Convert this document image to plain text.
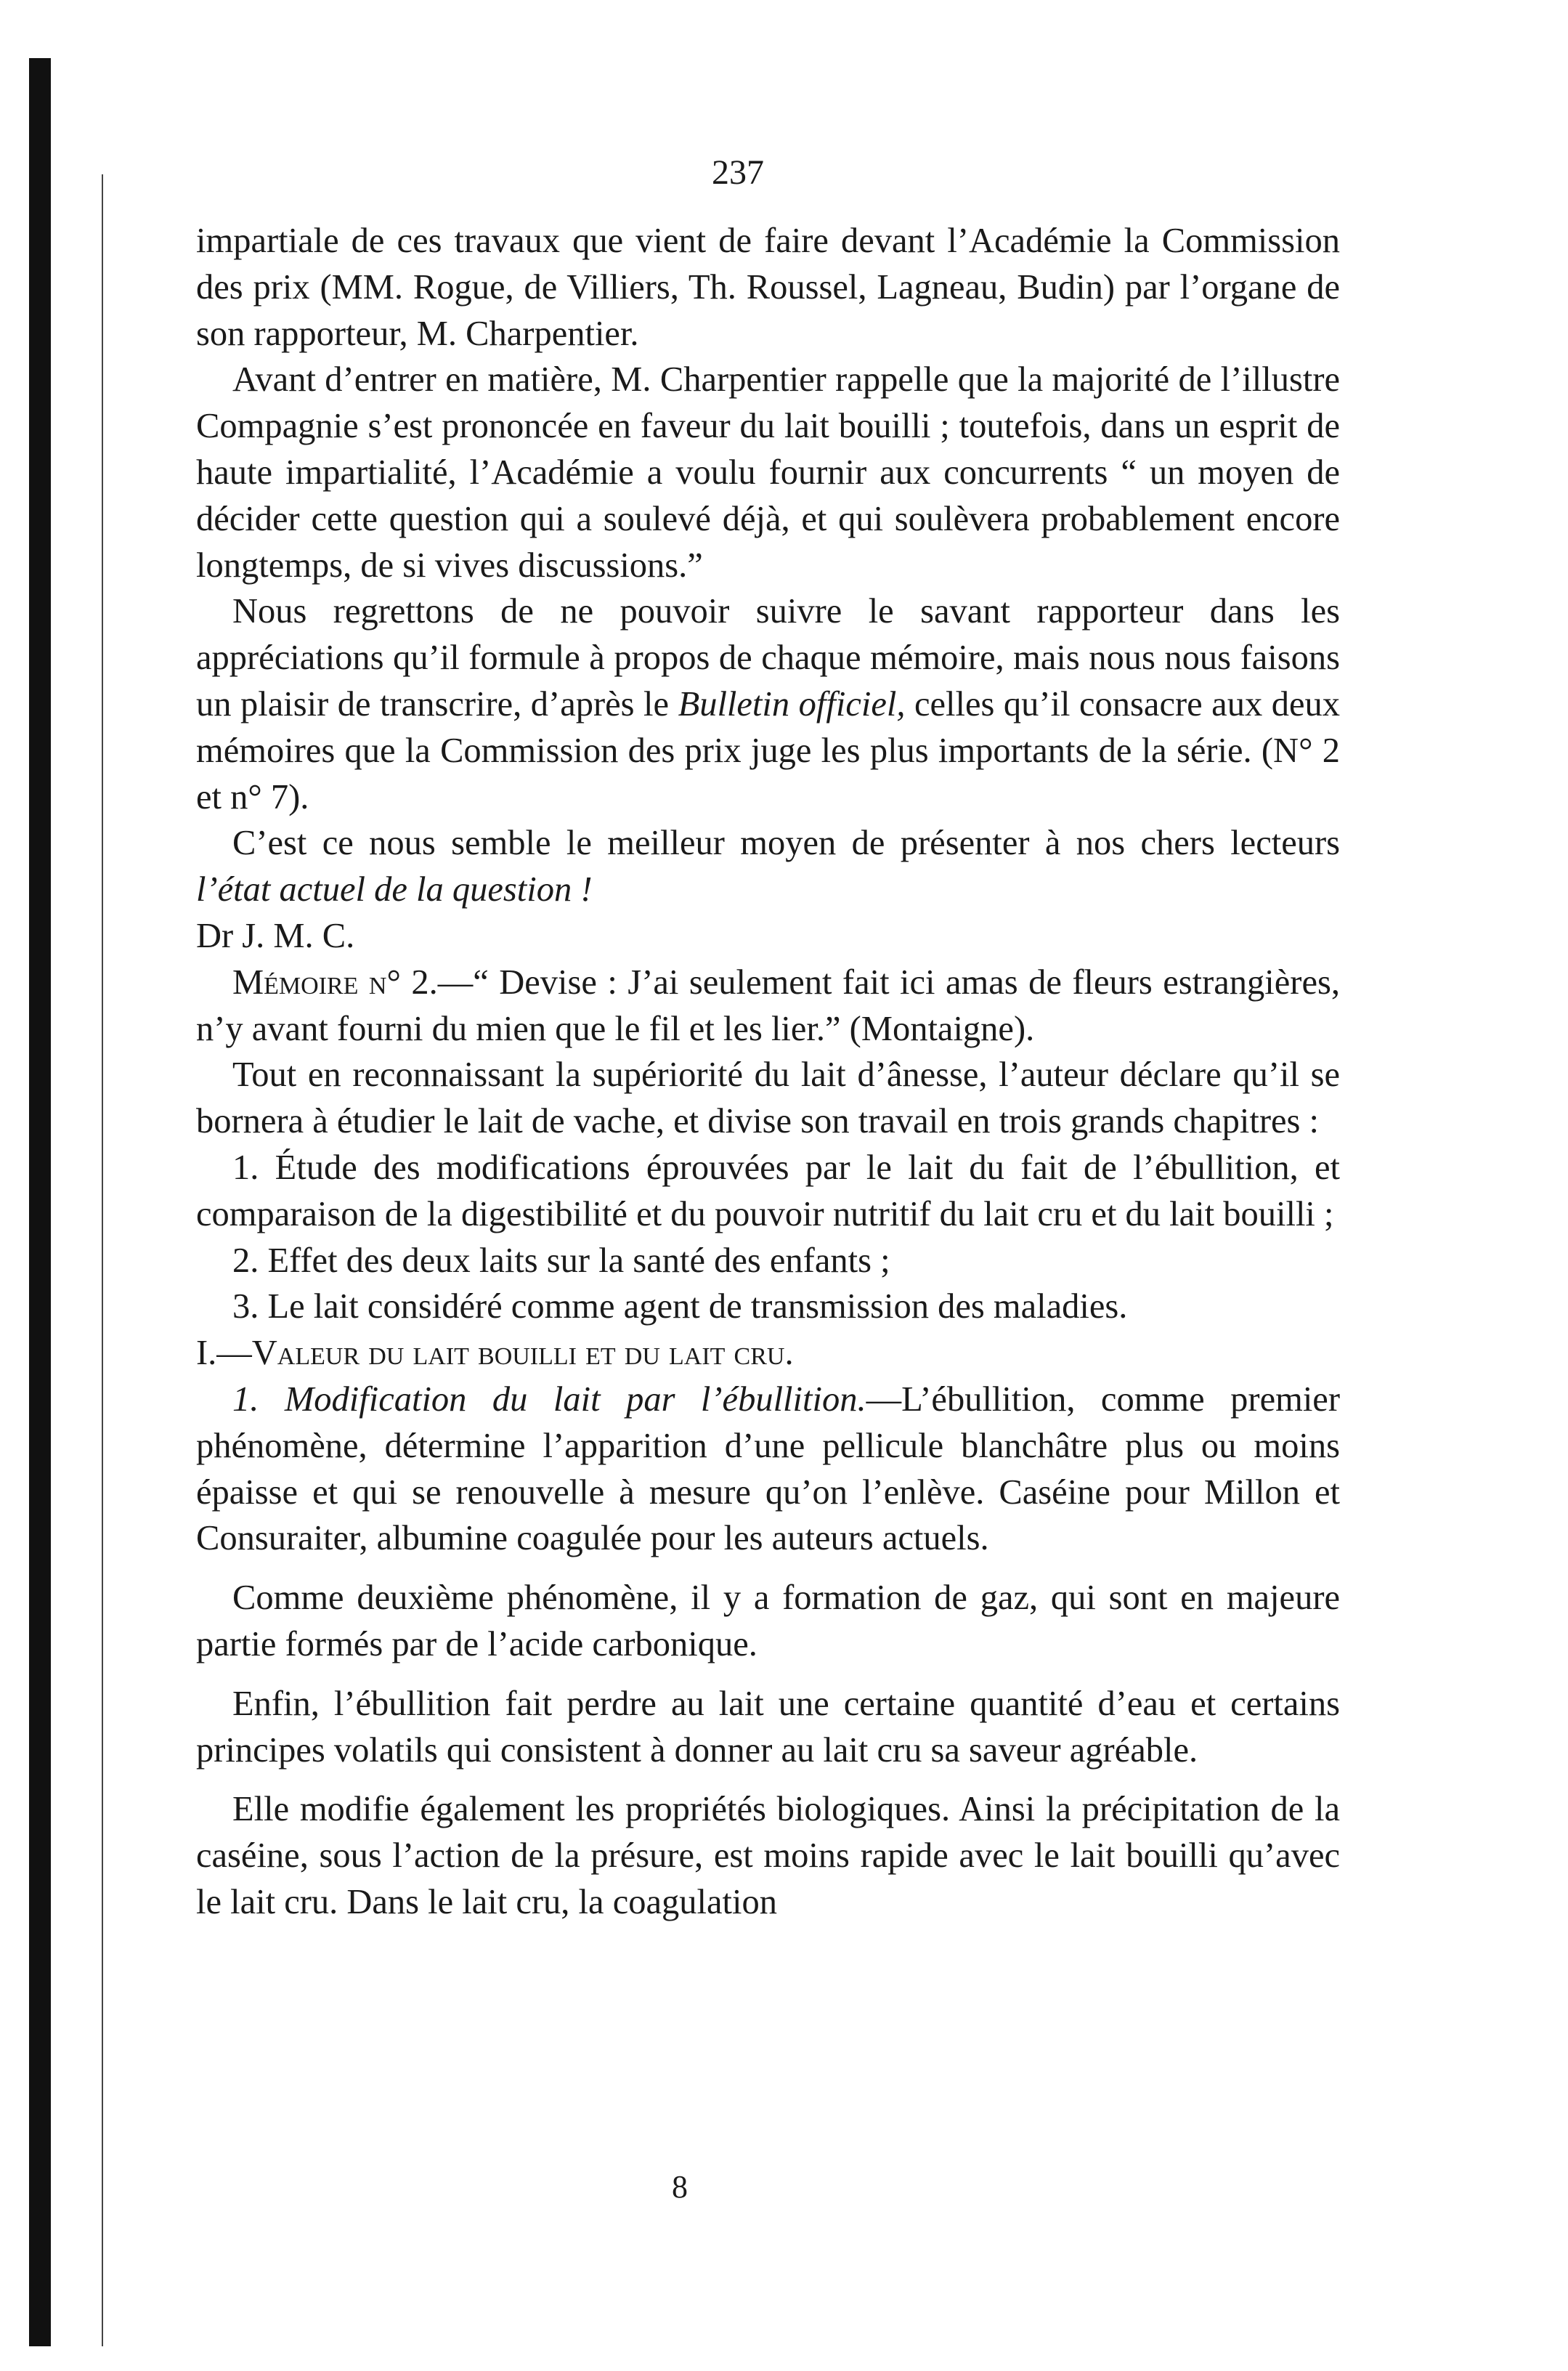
237

impartiale de ces travaux que vient de faire devant l’Académie la Commission des prix (MM. Rogue, de Villiers, Th. Roussel, Lagneau, Budin) par l’organe de son rapporteur, M. Charpentier.

Avant d’entrer en matière, M. Charpentier rappelle que la majorité de l’illustre Compagnie s’est prononcée en faveur du lait bouilli ; toutefois, dans un esprit de haute impartialité, l’Académie a voulu fournir aux concurrents “ un moyen de décider cette question qui a soulevé déjà, et qui soulèvera probablement encore longtemps, de si vives discussions.”

Nous regrettons de ne pouvoir suivre le savant rapporteur dans les appréciations qu’il formule à propos de chaque mémoire, mais nous nous faisons un plaisir de transcrire, d’après le Bulletin officiel, celles qu’il consacre aux deux mémoires que la Commission des prix juge les plus importants de la série. (N° 2 et n° 7).

C’est ce nous semble le meilleur moyen de présenter à nos chers lecteurs l’état actuel de la question !

Dr J. M. C.

Mémoire n° 2.—“ Devise : J’ai seulement fait ici amas de fleurs estrangières, n’y avant fourni du mien que le fil et les lier.” (Montaigne).

Tout en reconnaissant la supériorité du lait d’ânesse, l’auteur déclare qu’il se bornera à étudier le lait de vache, et divise son travail en trois grands chapitres :

1. Étude des modifications éprouvées par le lait du fait de l’ébullition, et comparaison de la digestibilité et du pouvoir nutritif du lait cru et du lait bouilli ;

2. Effet des deux laits sur la santé des enfants ;

3. Le lait considéré comme agent de transmission des maladies.

I.—Valeur du lait bouilli et du lait cru.

1. Modification du lait par l’ébullition.—L’ébullition, comme premier phénomène, détermine l’apparition d’une pellicule blanchâtre plus ou moins épaisse et qui se renouvelle à mesure qu’on l’enlève. Caséine pour Millon et Consuraiter, albumine coagulée pour les auteurs actuels.

Comme deuxième phénomène, il y a formation de gaz, qui sont en majeure partie formés par de l’acide carbonique.

Enfin, l’ébullition fait perdre au lait une certaine quantité d’eau et certains principes volatils qui consistent à donner au lait cru sa saveur agréable.

Elle modifie également les propriétés biologiques. Ainsi la précipitation de la caséine, sous l’action de la présure, est moins rapide avec le lait bouilli qu’avec le lait cru. Dans le lait cru, la coagulation

8
